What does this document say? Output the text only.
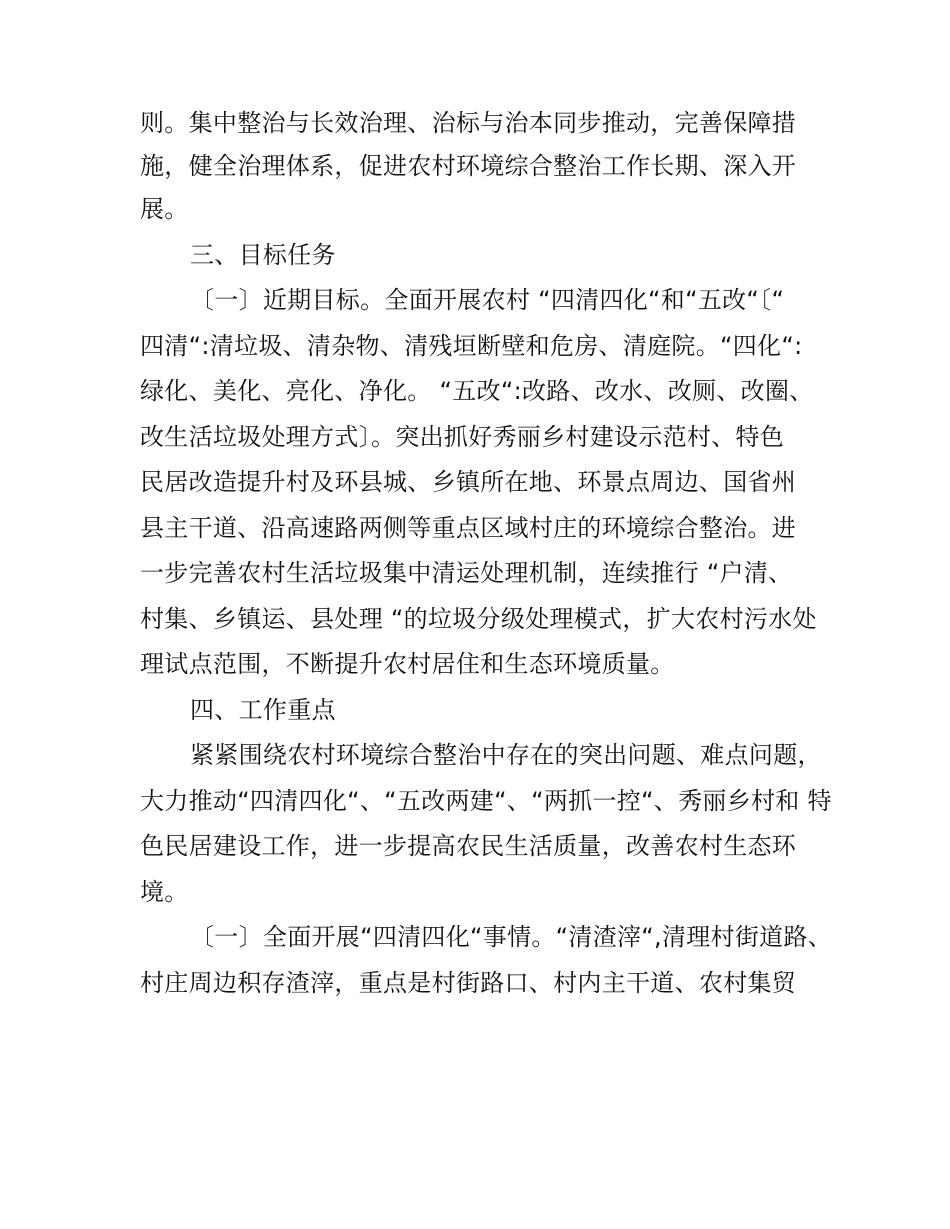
则。集中整治与长效治理、治标与治本同步推动，完善保障措
施，健全治理体系，促进农村环境综合整治工作长期、深入开
展。
三、目标任务
〔一〕近期目标。全面开展农村 “四清四化“和“五改“〔“
四清“:清垃圾、清杂物、清残垣断壁和危房、清庭院。“四化“:
绿化、美化、亮化、净化。 “五改“:改路、改水、改厕、改圈、
改生活垃圾处理方式〕。突出抓好秀丽乡村建设示范村、特色
民居改造提升村及环县城、乡镇所在地、环景点周边、国省州
县主干道、沿高速路两侧等重点区域村庄的环境综合整治。进
一步完善农村生活垃圾集中清运处理机制，连续推行 “户清、
村集、乡镇运、县处理 “的垃圾分级处理模式，扩大农村污水处
理试点范围，不断提升农村居住和生态环境质量。
四、工作重点
紧紧围绕农村环境综合整治中存在的突出问题、难点问题，
大力推动“四清四化“、“五改两建“、“两抓一控“、秀丽乡村和 特
色民居建设工作，进一步提高农民生活质量，改善农村生态环
境。
〔一〕全面开展“四清四化“事情。“清渣滓“,清理村街道路、
村庄周边积存渣滓，重点是村街路口、村内主干道、农村集贸
